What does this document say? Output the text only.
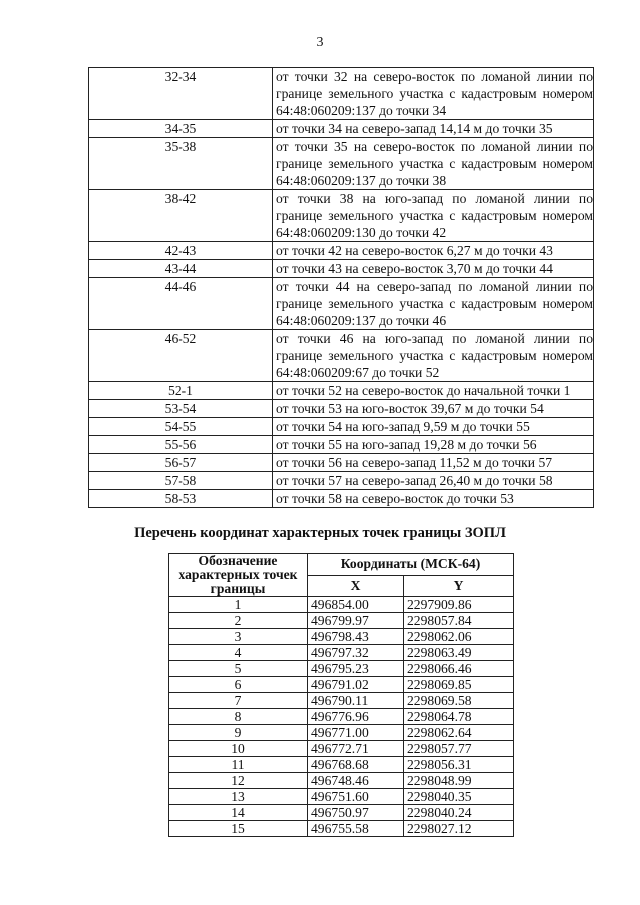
3
32-34	от точки 32 на северо-восток по ломаной линии по границе земельного участка с кадастровым номером 64:48:060209:137 до точки 34
34-35	от точки 34 на северо-запад 14,14 м до точки 35
35-38	от точки 35 на северо-восток по ломаной линии по границе земельного участка с кадастровым номером 64:48:060209:137 до точки 38
38-42	от точки 38 на юго-запад по ломаной линии по границе земельного участка с кадастровым номером 64:48:060209:130 до точки 42
42-43	от точки 42 на северо-восток 6,27 м до точки 43
43-44	от точки 43 на северо-восток 3,70 м до точки 44
44-46	от точки 44 на северо-запад по ломаной линии по границе земельного участка с кадастровым номером 64:48:060209:137 до точки 46
46-52	от точки 46 на юго-запад по ломаной линии по границе земельного участка с кадастровым номером 64:48:060209:67 до точки 52
52-1	от точки 52 на северо-восток до начальной точки 1
53-54	от точки 53 на юго-восток 39,67 м до точки 54
54-55	от точки 54 на юго-запад 9,59 м до точки 55
55-56	от точки 55 на юго-запад 19,28 м до точки 56
56-57	от точки 56 на северо-запад 11,52 м до точки 57
57-58	от точки 57 на северо-запад 26,40 м до точки 58
58-53	от точки 58 на северо-восток до точки 53
Перечень координат характерных точек границы ЗОПЛ
Обозначение характерных точек границы	Координаты (МСК-64)	
	X	Y
1	496854.00	2297909.86
2	496799.97	2298057.84
3	496798.43	2298062.06
4	496797.32	2298063.49
5	496795.23	2298066.46
6	496791.02	2298069.85
7	496790.11	2298069.58
8	496776.96	2298064.78
9	496771.00	2298062.64
10	496772.71	2298057.77
11	496768.68	2298056.31
12	496748.46	2298048.99
13	496751.60	2298040.35
14	496750.97	2298040.24
15	496755.58	2298027.12
